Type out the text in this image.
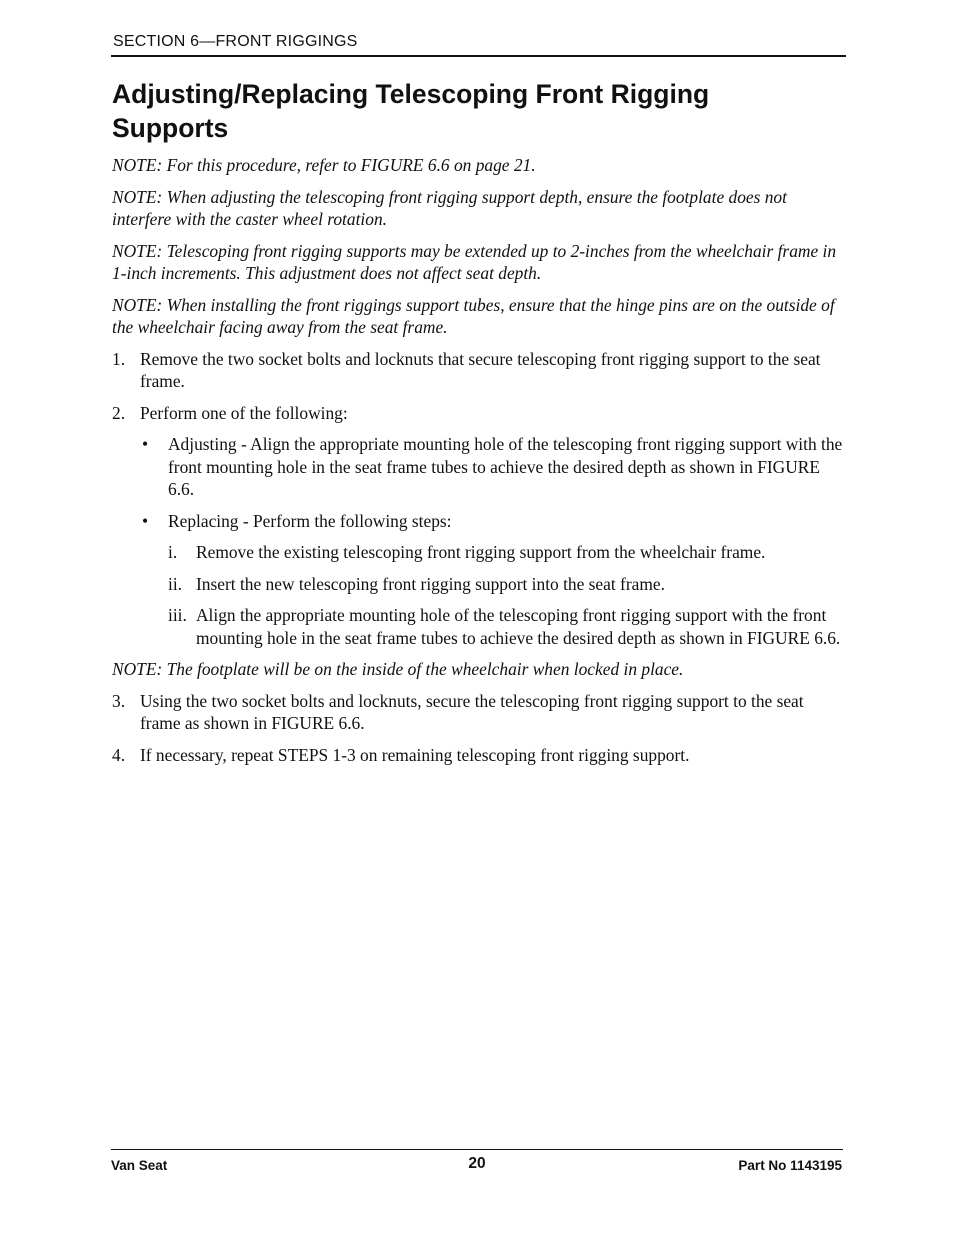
SECTION 6—FRONT RIGGINGS
Adjusting/Replacing Telescoping Front Rigging Supports

NOTE: For this procedure, refer to FIGURE 6.6 on page 21.

NOTE: When adjusting the telescoping front rigging support depth, ensure the footplate does not interfere with the caster wheel rotation.

NOTE: Telescoping front rigging supports may be extended up to 2-inches from the wheelchair frame in 1-inch increments. This adjustment does not affect seat depth.

NOTE: When installing the front riggings support tubes, ensure that the hinge pins are on the outside of the wheelchair facing away from the seat frame.

1. Remove the two socket bolts and locknuts that secure telescoping front rigging support to the seat frame.
2. Perform one of the following:
•	Adjusting - Align the appropriate mounting hole of the telescoping front rigging support with the front mounting hole in the seat frame tubes to achieve the desired depth as shown in FIGURE 6.6.
•	Replacing - Perform the following steps:
i.	Remove the existing telescoping front rigging support from the wheelchair frame.
ii. Insert the new telescoping front rigging support into the seat frame.
iii. Align the appropriate mounting hole of the telescoping front rigging support with the front mounting hole in the seat frame tubes to achieve the desired depth as shown in FIGURE 6.6.

NOTE: The footplate will be on the inside of the wheelchair when locked in place.

3. Using the two socket bolts and locknuts, secure the telescoping front rigging support to the seat frame as shown in FIGURE 6.6.
4. If necessary, repeat STEPS 1-3 on remaining telescoping front rigging support.
Van Seat	20	Part No 1143195
